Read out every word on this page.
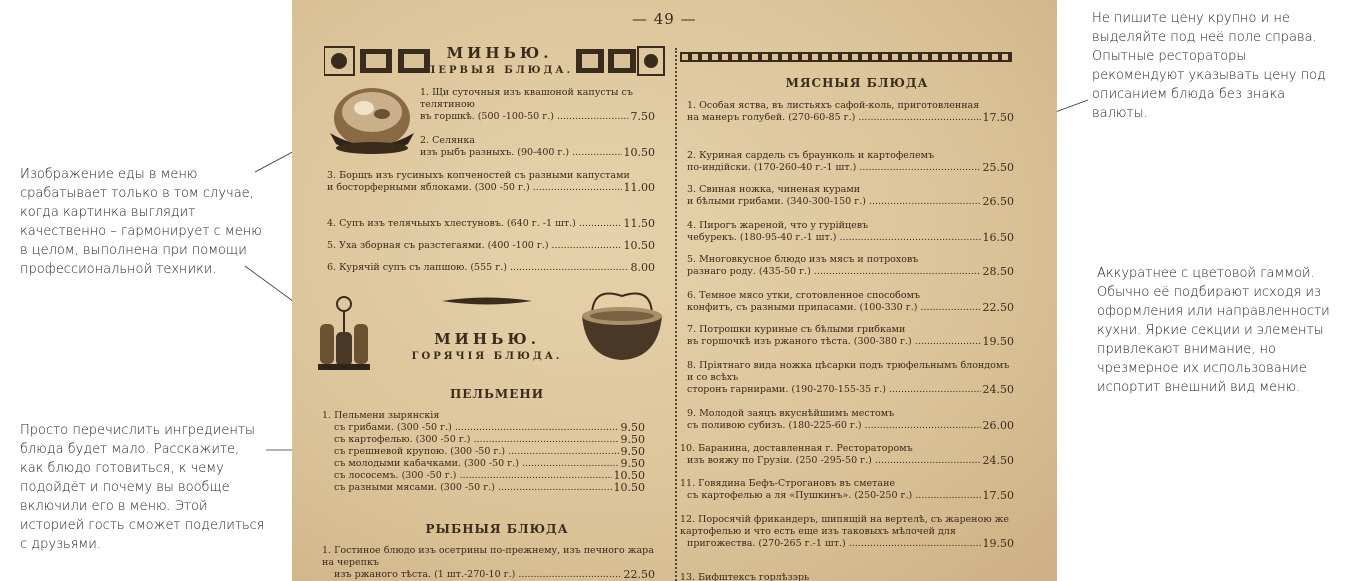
Изображение еды в меню срабатывает только в том случае, когда картинка выглядит качественно – гармонирует с меню в целом, выполнена при помощи профессиональной техники.
Просто перечислить ингредиенты блюда будет мало. Расскажите, как блюдо готовиться, к чему подойдёт и почему вы вообще включили его в меню. Этой историей гость сможет поделиться с друзьями.
Не пишите цену крупно и не выделяйте под неё поле справа. Опытные рестораторы рекомендуют указывать цену под описанием блюда без знака валюты.
Аккуратнее с цветовой гаммой. Обычно её подбирают исходя из оформления или направленности кухни. Яркие секции и элементы привлекают внимание, но чрезмерное их использование испортит внешний вид меню.
— 49 —
МИНЬЮ.
ПЕРВЫЯ БЛЮДА.
1. Щи суточныя изъ квашоной капусты съ телятиною
въ горшкѣ. (500 -100-50 г.) .....	7.50
2. Селянка
изъ рыбъ разныхъ. (90-400 г.) .....	10.50
3. Борщъ изъ гусиныхъ копченостей съ разными капустами
и босторферными яблоками. (300 -50 г.) .....	11.00
4. Супъ изъ телячьыхъ хлестуновъ. (640 г. -1 шт.) .....	11.50
5. Уха зборная съ разстегаями. (400 -100 г.) .....	10.50
6. Курячій супъ съ лапшою. (555 г.) .....	8.00
МИНЬЮ.
ГОРЯЧІЯ БЛЮДА.
ПЕЛЬМЕНИ
1. Пельмени зырянскія
съ грибами. (300 -50 г.) .....	9.50
съ картофелью. (300 -50 г.) .....	9.50
съ грешневой крупою. (300 -50 г.) .....	9.50
съ молодыми кабачками. (300 -50 г.) .....	9.50
съ лососемъ. (300 -50 г.) .....	10.50
съ разными мясами. (300 -50 г.) .....	10.50
РЫБНЫЯ БЛЮДА
1. Гостиное блюдо изъ осетрины по-прежнему, изъ печного жара на черепкъ
изъ ржаного тѣста. (1 шт.-270-10 г.) .....	22.50
МЯСНЫЯ БЛЮДА
1. Особая яства, въ листьяхъ сафой-коль, приготовленная
на манеръ голубей. (270-60-85 г.) .....	17.50
2. Куриная сардель съ браунколь и картофелемъ
по-индійски. (170-260-40 г.-1 шт.) .....	25.50
3. Свиная ножка, чиненая курами
и бѣлыми грибами. (340-300-150 г.) .....	26.50
4. Пирогъ жареной, что у гурійцевъ
чебурекъ. (180-95-40 г.-1 шт.) .....	16.50
5. Многовкусное блюдо изъ мясъ и потроховъ
разнаго роду. (435-50 г.) .....	28.50
6. Темное мясо утки, сготовленное способомъ
конфитъ, съ разными припасами. (100-330 г.) .....	22.50
7. Потрошки куриные съ бѣлыми грибками
въ горшочкѣ изъ ржаного тѣста. (300-380 г.) .....	19.50
8. Пріятнаго вида ножка цѣсарки подъ трюфельнымъ блондомъ и со всѣхъ
сторонъ гарнирами. (190-270-155-35 г.) .....	24.50
9. Молодой заяцъ вкуснѣйшимъ местомъ
съ поливою субизъ. (180-225-60 г.) .....	26.00
10. Баранина, доставленная г. Рестораторомъ
изъ вояжу по Грузіи. (250 -295-50 г.) .....	24.50
11. Говядина Бефъ-Строгановъ въ сметане
съ картофелью а ля «Пушкинъ». (250-250 г.) .....	17.50
12. Поросячій фрикандеръ, шипящій на вертелѣ, съ жареною же картофелью и что есть еще изъ таковыхъ мѣлочей для
пригожества. (270-265 г.-1 шт.) .....	19.50
13. Бифштексъ горлѣзэрь
